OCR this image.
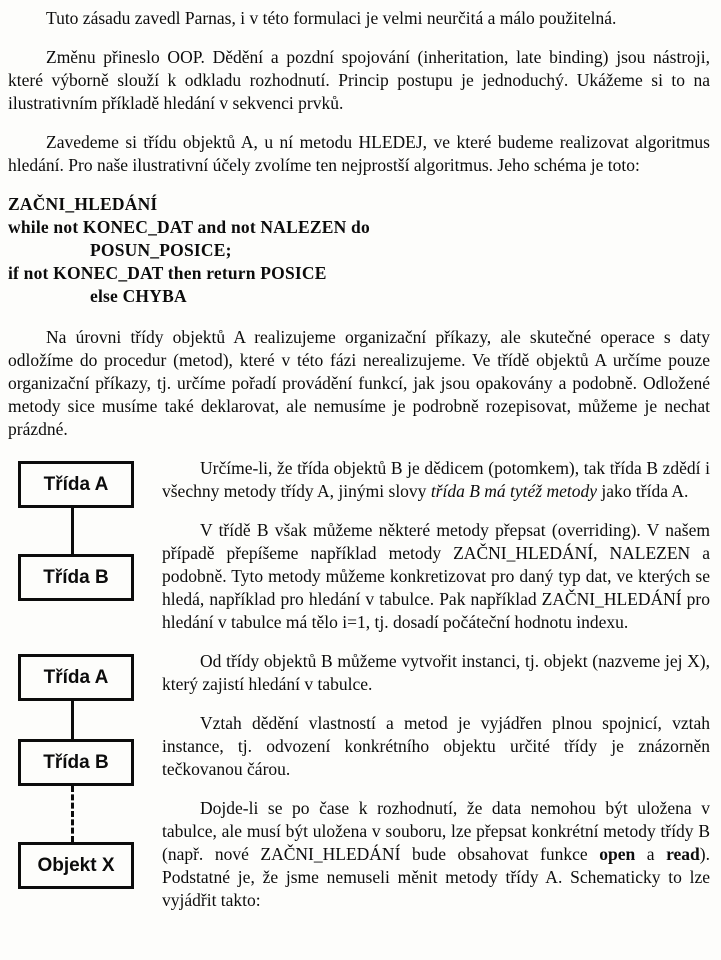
Tuto zásadu zavedl Parnas, i v této formulaci je velmi neurčitá a málo použitelná.

Změnu přineslo OOP. Dědění a pozdní spojování (inheritation, late binding) jsou nástroji, které výborně slouží k odkladu rozhodnutí. Princip postupu je jednoduchý. Ukážeme si to na ilustrativním příkladě hledání v sekvenci prvků.

Zavedeme si třídu objektů A, u ní metodu HLEDEJ, ve které budeme realizovat algoritmus hledání. Pro naše ilustrativní účely zvolíme ten nejprostší algoritmus. Jeho schéma je toto:

ZAČNI_HLEDÁNÍ
while not KONEC_DAT and not NALEZEN do
POSUN_POSICE;
if not KONEC_DAT then return POSICE
else CHYBA

Na úrovni třídy objektů A realizujeme organizační příkazy, ale skutečné operace s daty odložíme do procedur (metod), které v této fázi nerealizujeme. Ve třídě objektů A určíme pouze organizační příkazy, tj. určíme pořadí provádění funkcí, jak jsou opakovány a podobně. Odložené metody sice musíme také deklarovat, ale nemusíme je podrobně rozepisovat, můžeme je nechat prázdné.

Třída A
Třída B

Určíme-li, že třída objektů B je dědicem (potomkem), tak třída B zdědí i všechny metody třídy A, jinými slovy třída B má tytéž metody jako třída A.

V třídě B však můžeme některé metody přepsat (overriding). V našem případě přepíšeme například metody ZAČNI_HLEDÁNÍ, NALEZEN a podobně. Tyto metody můžeme konkretizovat pro daný typ dat, ve kterých se hledá, například pro hledání v tabulce. Pak například ZAČNI_HLEDÁNÍ pro hledání v tabulce má tělo i=1, tj. dosadí počáteční hodnotu indexu.

Třída A
Třída B
Objekt X

Od třídy objektů B můžeme vytvořit instanci, tj. objekt (nazveme jej X), který zajistí hledání v tabulce.

Vztah dědění vlastností a metod je vyjádřen plnou spojnicí, vztah instance, tj. odvození konkrétního objektu určité třídy je znázorněn tečkovanou čárou.

Dojde-li se po čase k rozhodnutí, že data nemohou být uložena v tabulce, ale musí být uložena v souboru, lze přepsat konkrétní metody třídy B (např. nové ZAČNI_HLEDÁNÍ bude obsahovat funkce open a read). Podstatné je, že jsme nemuseli měnit metody třídy A. Schematicky to lze vyjádřit takto:
